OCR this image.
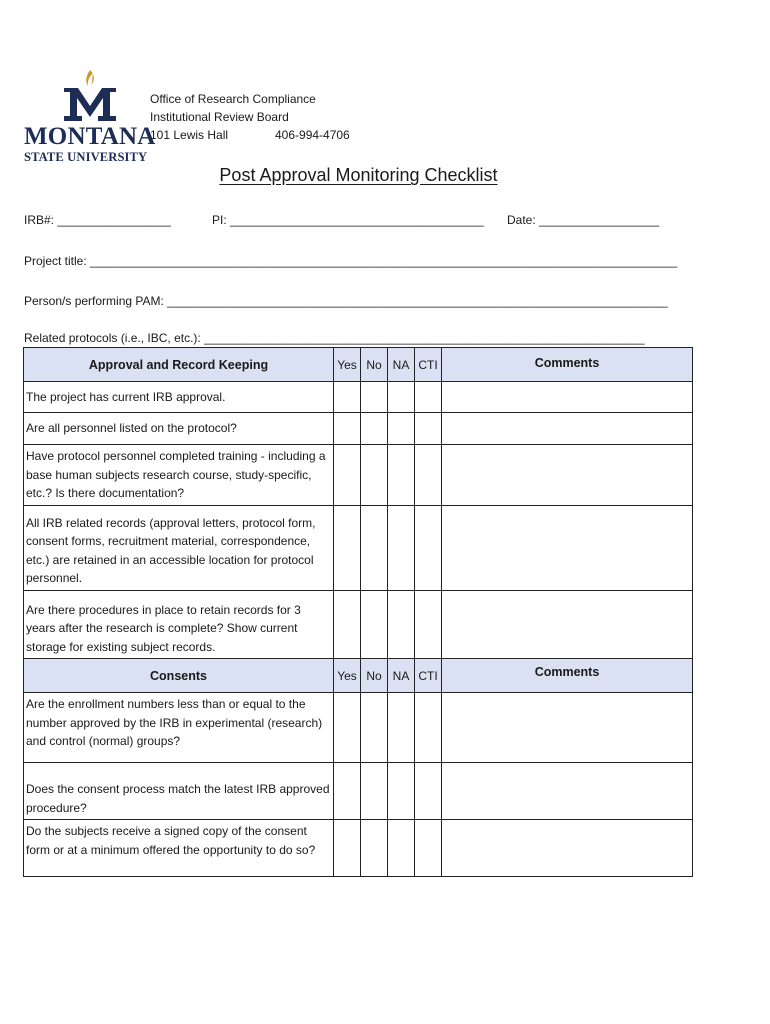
MONTANA
STATE UNIVERSITY
Office of Research Compliance
Institutional Review Board
101 Lewis Hall	406-994-4706
Post Approval Monitoring Checklist
IRB#: _________________	PI: ______________________________________	Date: __________________
Project title: ________________________________________________________________________________________
Person/s performing PAM: ___________________________________________________________________________
Related protocols (i.e., IBC, etc.): __________________________________________________________________
Approval and Record Keeping	Yes	No	NA	CTI	Comments
The project has current IRB approval.					
Are all personnel listed on the protocol?					
Have protocol personnel completed training - including a base human subjects research course, study-specific, etc.? Is there documentation?					
All IRB related records (approval letters, protocol form, consent forms, recruitment material, correspondence, etc.) are retained in an accessible location for protocol personnel.					
Are there procedures in place to retain records for 3 years after the research is complete? Show current storage for existing subject records.					
Consents	Yes	No	NA	CTI	Comments
Are the enrollment numbers less than or equal to the number approved by the IRB in experimental (research) and control (normal) groups?					
Does the consent process match the latest IRB approved procedure?					
Do the subjects receive a signed copy of the consent form or at a minimum offered the opportunity to do so?					
